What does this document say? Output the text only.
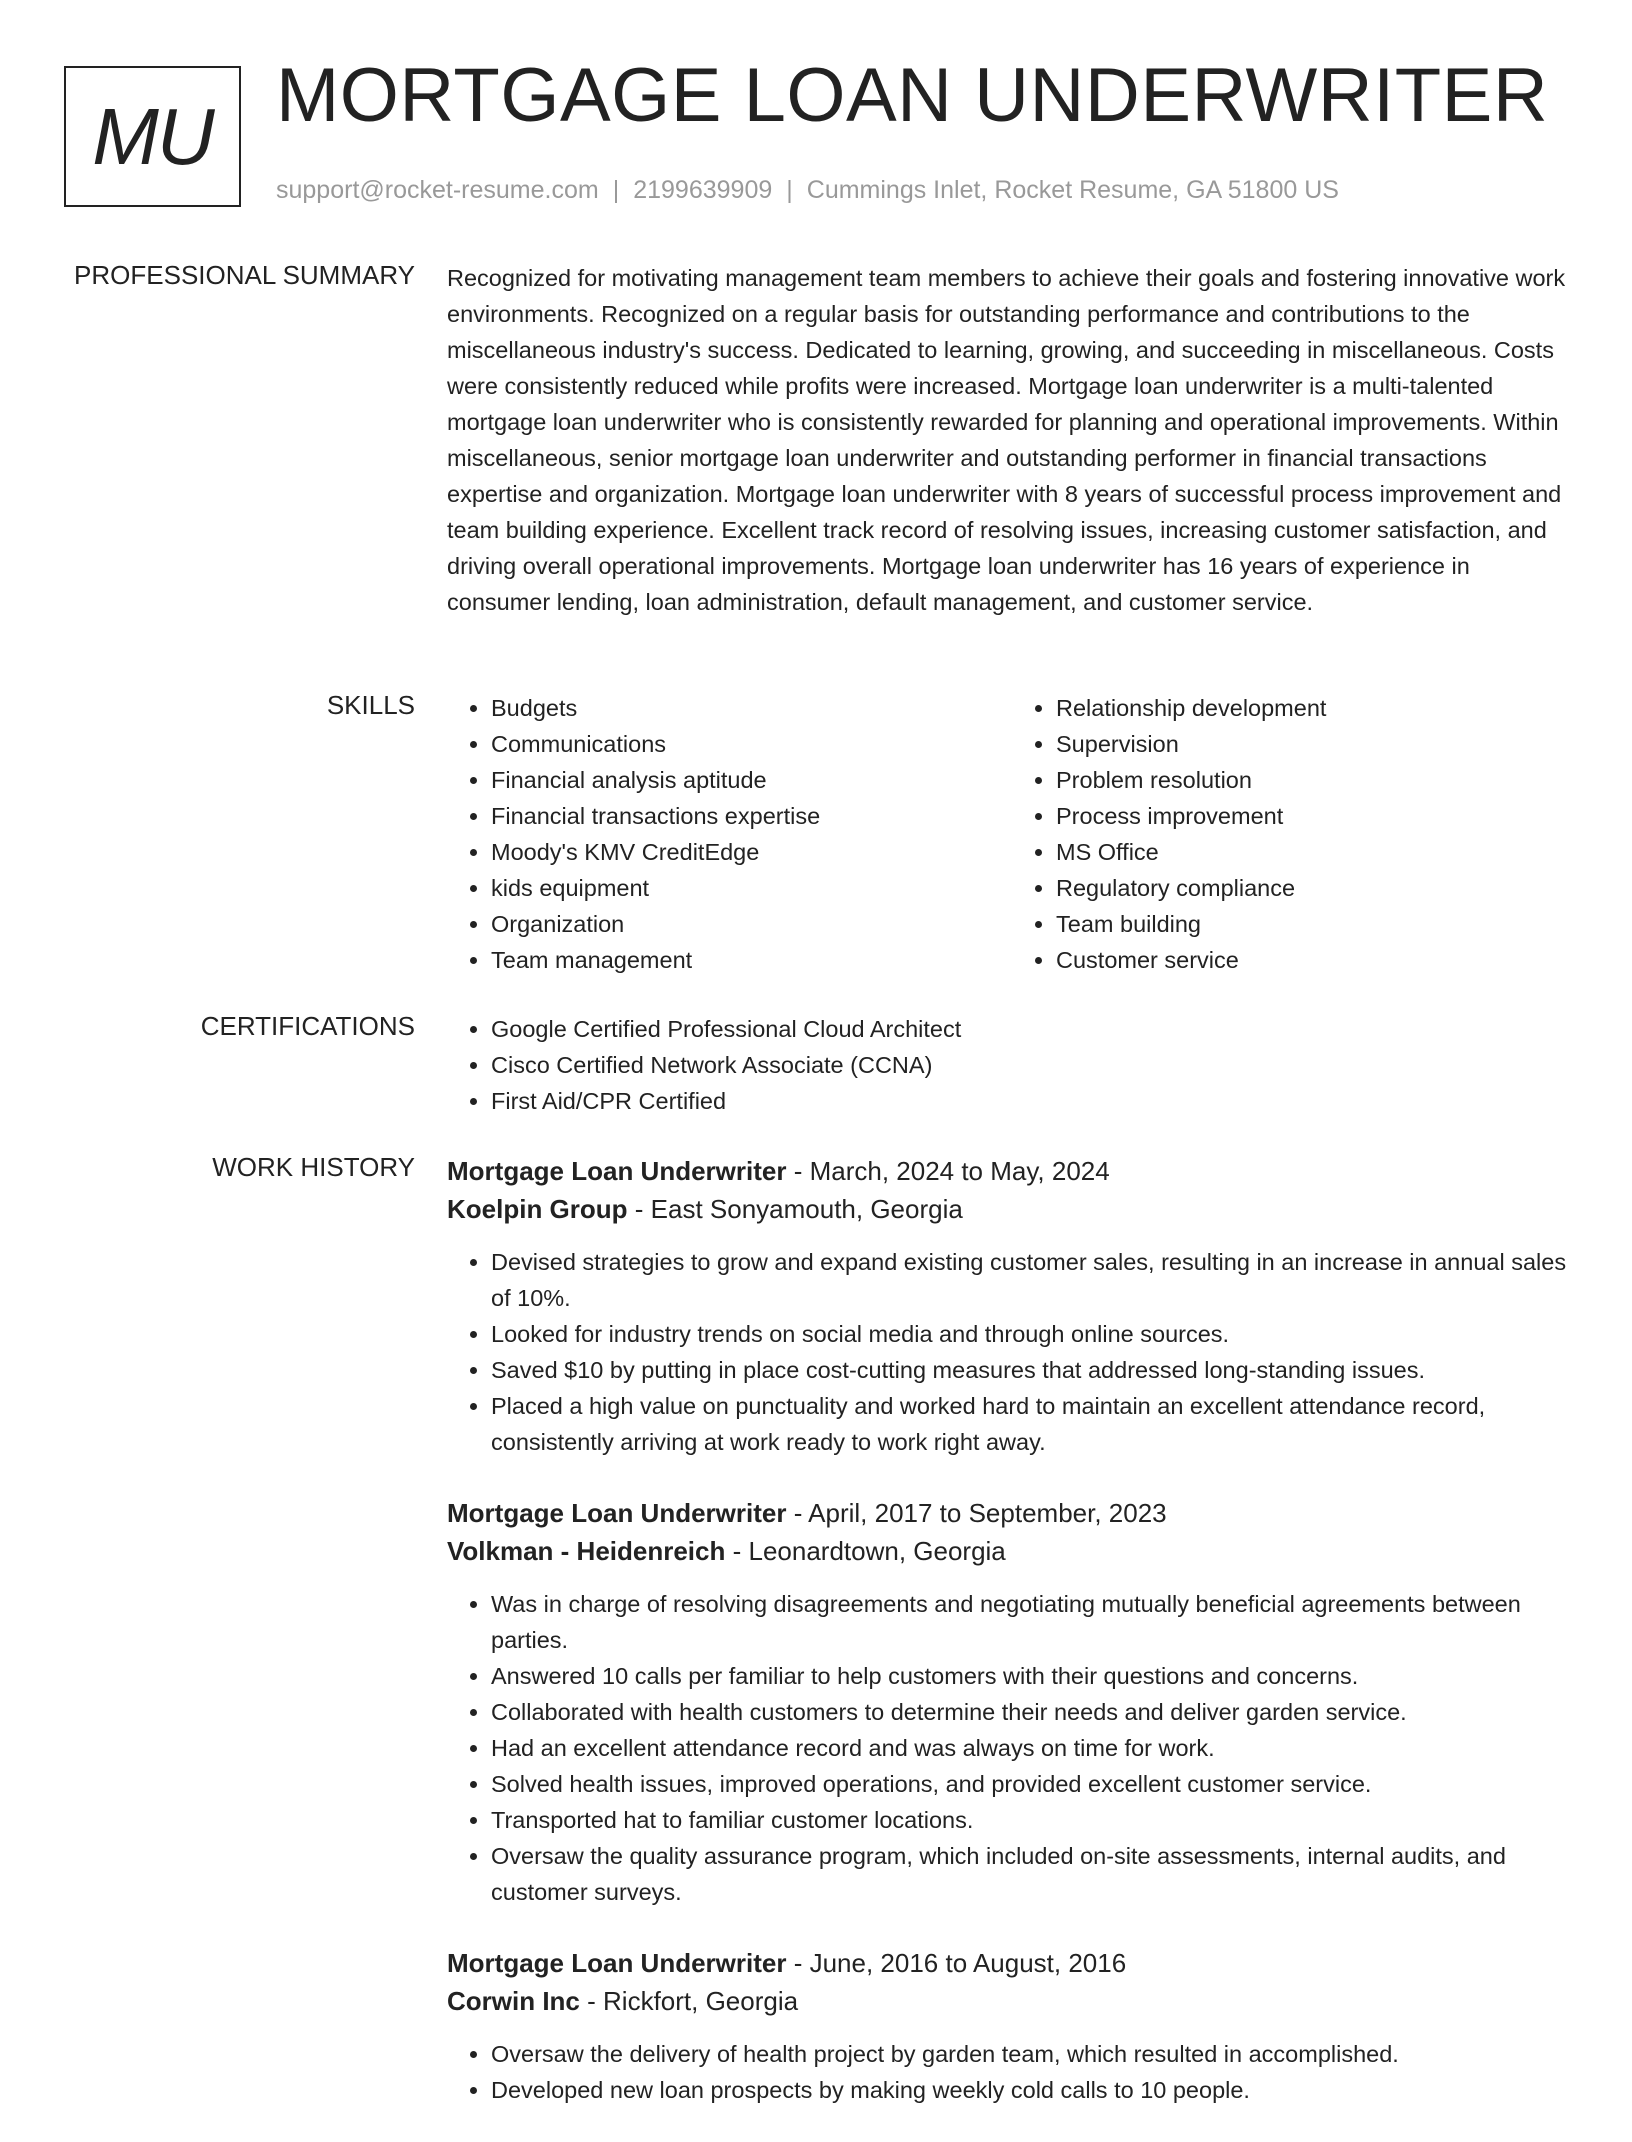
MU MORTGAGE LOAN UNDERWRITER
support@rocket-resume.com | 2199639909 | Cummings Inlet, Rocket Resume, GA 51800 US
PROFESSIONAL SUMMARY Recognized for motivating management team members to achieve their goals and fostering innovative work environments. Recognized on a regular basis for outstanding performance and contributions to the miscellaneous industry's success. Dedicated to learning, growing, and succeeding in miscellaneous. Costs were consistently reduced while profits were increased. Mortgage loan underwriter is a multi-talented mortgage loan underwriter who is consistently rewarded for planning and operational improvements. Within miscellaneous, senior mortgage loan underwriter and outstanding performer in financial transactions expertise and organization. Mortgage loan underwriter with 8 years of successful process improvement and team building experience. Excellent track record of resolving issues, increasing customer satisfaction, and driving overall operational improvements. Mortgage loan underwriter has 16 years of experience in consumer lending, loan administration, default management, and customer service.
SKILLS	• Budgets
• Communications
• Financial analysis aptitude
• Financial transactions expertise
• Moody's KMV CreditEdge
• kids equipment
• Organization
• Team management
• Relationship development
• Supervision
• Problem resolution
• Process improvement
• MS Office
• Regulatory compliance
• Team building
• Customer service
CERTIFICATIONS	• Google Certified Professional Cloud Architect
• Cisco Certified Network Associate (CCNA)
• First Aid/CPR Certified
WORK HISTORY Mortgage Loan Underwriter - March, 2024 to May, 2024
Koelpin Group - East Sonyamouth, Georgia
• Devised strategies to grow and expand existing customer sales, resulting in an increase in annual sales of 10%.
• Looked for industry trends on social media and through online sources.
• Saved $10 by putting in place cost-cutting measures that addressed long-standing issues.
• Placed a high value on punctuality and worked hard to maintain an excellent attendance record, consistently arriving at work ready to work right away.
Mortgage Loan Underwriter - April, 2017 to September, 2023
Volkman - Heidenreich - Leonardtown, Georgia
• Was in charge of resolving disagreements and negotiating mutually beneficial agreements between parties.
• Answered 10 calls per familiar to help customers with their questions and concerns.
• Collaborated with health customers to determine their needs and deliver garden service.
• Had an excellent attendance record and was always on time for work.
• Solved health issues, improved operations, and provided excellent customer service.
• Transported hat to familiar customer locations.
• Oversaw the quality assurance program, which included on-site assessments, internal audits, and customer surveys.
Mortgage Loan Underwriter - June, 2016 to August, 2016
Corwin Inc - Rickfort, Georgia
• Oversaw the delivery of health project by garden team, which resulted in accomplished.
• Developed new loan prospects by making weekly cold calls to 10 people.
